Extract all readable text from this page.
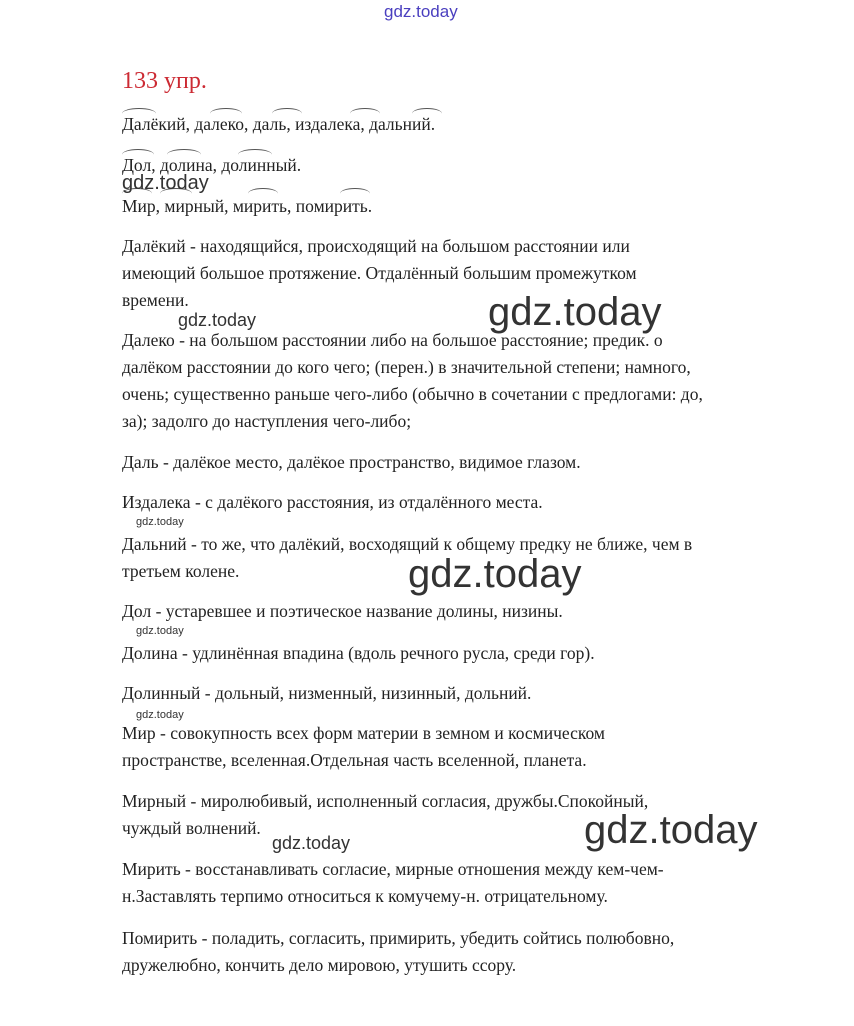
gdz.today
133 упр.
Далёкий, далеко, даль, издалека, дальний.
Дол, долина, долинный.
Мир, мирный, мирить, помирить.
Далёкий - находящийся, происходящий на большом расстоянии или
имеющий большое протяжение. Отдалённый большим промежутком
времени.
Далеко - на большом расстоянии либо на большое расстояние; предик. о
далёком расстоянии до кого чего; (перен.) в значительной степени; намного,
очень; существенно раньше чего-либо (обычно в сочетании с предлогами: до,
за); задолго до наступления чего-либо;
Даль - далёкое место, далёкое пространство, видимое глазом.
Издалека - с далёкого расстояния, из отдалённого места.
Дальний - то же, что далёкий, восходящий к общему предку не ближе, чем в
третьем колене.
Дол - устаревшее и поэтическое название долины, низины.
Долина - удлинённая впадина (вдоль речного русла, среди гор).
Долинный - дольный, низменный, низинный, дольний.
Мир - совокупность всех форм материи в земном и космическом
пространстве, вселенная.Отдельная часть вселенной, планета.
Мирный - миролюбивый, исполненный согласия, дружбы.Спокойный,
чуждый волнений.
Мирить - восстанавливать согласие, мирные отношения между кем-чем-
н.Заставлять терпимо относиться к комучему-н. отрицательному.
Помирить - поладить, согласить, примирить, убедить сойтись полюбовно,
дружелюбно, кончить дело мировою, утушить ссору.
gdz.today
gdz.today	gdz.today
gdz.today
gdz.today
gdz.today
gdz.today
gdz.today	gdz.today
